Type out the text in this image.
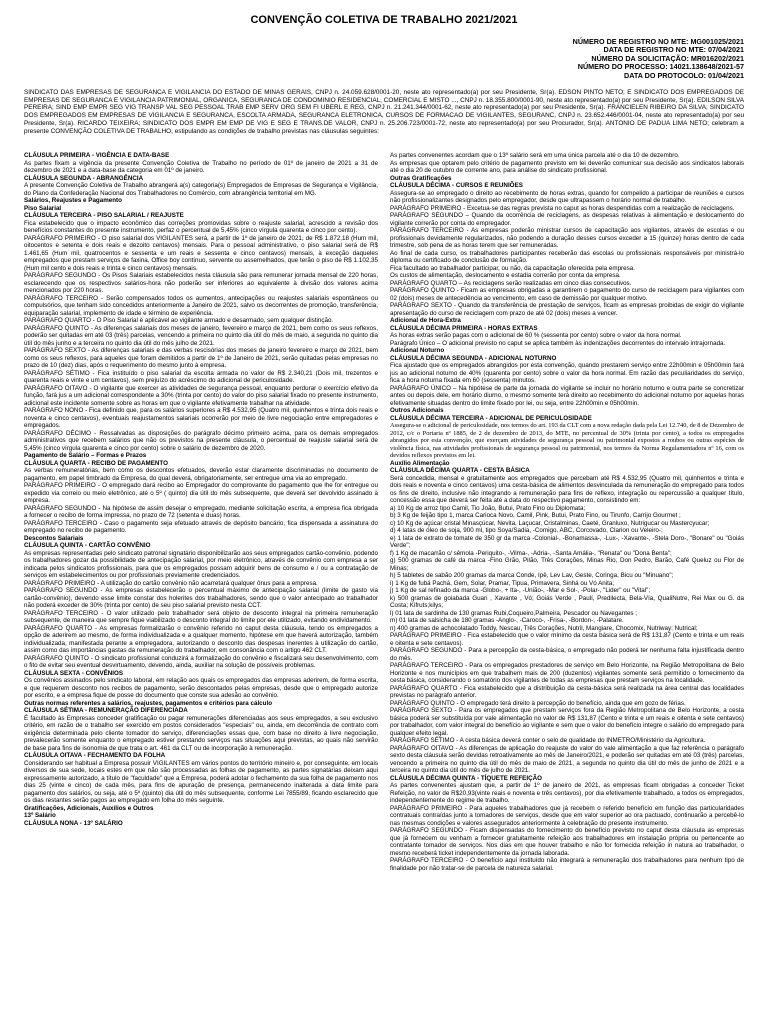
CONVENÇÃO COLETIVA DE TRABALHO 2021/2021
NÚMERO DE REGISTRO NO MTE: MG001025/2021
DATA DE REGISTRO NO MTE: 07/04/2021
NÚMERO DA SOLICITAÇÃO: MR016202/2021
NÚMERO DO PROCESSO: 14021.138648/2021-57
DATA DO PROTOCOLO: 01/04/2021
SINDICATO DAS EMPRESAS DE SEGURANCA E VIGILANCIA DO ESTADO DE MINAS GERAIS, CNPJ n. 24.059.628/0001-20, neste ato representado(a) por seu Presidente, Sr(a). EDSON PINTO NETO; E SINDICATO DOS EMPREGADOS DE EMPRESAS DE SEGURANCA E VIGILANCIA PATRIMONIAL, ORGANICA, SEGURANCA DE CONDOMINIO RESIDENCIAL, COMERCIAL E MISTO ..., CNPJ n. 18.355.800/0001-90, neste ato representado(a) por seu Presidente, Sr(a). EDILSON SILVA PEREIRA; SIND EMP EMPR SEG VIG TRANSP VAL SEG PESSOAL TRAB EMP SERV ORG SEM FI UBERL E REG, CNPJ n. 21.241.344/0001-62, neste ato representado(a) por seu Presidente, Sr(a). FRANCIELEN RIBEIRO DA SILVA; SINDICATO DOS EMPREGADOS EM EMPRESAS DE VIGILANCIA E SEGURANCA, ESCOLTA ARMADA, SEGURANCA ELETRONICA, CURSOS DE FORMACAO DE VIGILANTES, SEGURANC, CNPJ n. 23.652.446/0001-04, neste ato representado(a) por seu Presidente, Sr(a). RICARDO TEIXEIRA; SINDICATO DOS EMPR EM EMP DE VIG E SEG E TRANS.DE VALOR, CNPJ n. 25.206.723/0001-72, neste ato representado(a) por seu Procurador, Sr(a). ANTONIO DE PADUA LIMA NETO; celebram a presente CONVENÇÃO COLETIVA DE TRABALHO, estipulando as condições de trabalho previstas nas cláusulas seguintes:

CLÁUSULA PRIMEIRA - VIGÊNCIA E DATA-BASE

As partes fixam a vigência da presente Convenção Coletiva de Trabalho no período de 01º de janeiro de 2021 a 31 de dezembro de 2021 e a data-base da categoria em 01º de janeiro.

CLÁUSULA SEGUNDA - ABRANGÊNCIA

A presente Convenção Coletiva de Trabalho abrangerá a(s) categoria(s) Empregados de Empresas de Segurança e Vigilância, do Plano da Confederação Nacional dos Trabalhadores no Comércio, com abrangência territorial em MG.

Salários, Reajustes e Pagamento

Piso Salarial

CLÁUSULA TERCEIRA - PISO SALARIAL / REAJUSTE

Fica estabelecido que o impacto econômico das correções promovidas sobre o reajuste salarial, acrescido a revisão dos benefícios constantes do presente instrumento, perfaz o percentual de 5,45% (cinco vírgula quarenta e cinco por cento).

PARÁGRAFO PRIMEIRO - O piso salarial dos VIGILANTES será, a partir de 1º de janeiro de 2021, de R$ 1.872,18 (Hum mil, oitocentos e setenta e dois reais e dezoito centavos) mensais. Para o pessoal administrativo, o piso salarial será de R$ 1.461,65 (Hum mil, quatrocentos e sessenta e um reais e sessenta e cinco centavos) mensais, à exceção daqueles empregados que prestam serviços de faxina, Office boy contínuo, servente ou assemelhados, que terão o piso de R$ 1.102,35 (Hum mil cento e dois reais e trinta e cinco centavos) mensais.

PARÁGRAFO SEGUNDO - Os Pisos Salariais estabelecidos nesta cláusula são para remunerar jornada mensal de 220 horas, esclarecendo que os respectivos salários-hora não poderão ser inferiores ao equivalente à divisão dos valores acima mencionados por 220 horas.

PARÁGRAFO TERCEIRO - Serão compensados todos os aumentos, antecipações ou reajustes salariais espontâneos ou compulsórios, que tenham sido concedidos anteriormente a Janeiro de 2021, salvo os decorrentes de promoção, transferência, equiparação salarial, implemento de idade e término de experiência.

PARÁGRAFO QUARTO - O Piso Salarial é aplicável ao vigilante armado e desarmado, sem qualquer distinção.

PARÁGRAFO QUINTO - As diferenças salariais dos meses de janeiro, fevereiro e março de 2021, bem como os seus reflexos, poderão ser quitadas em até 03 (três) parcelas, vencendo a primeira no quinto dia útil do mês de maio, a segunda no quinto dia útil do mês junho e a terceira no quinto dia útil do mês julho de 2021.

PARÁGRAFO SEXTO - As diferenças salariais e das verbas rescisórias dos meses de janeiro fevereiro e março de 2021, bem como os seus reflexos, para aqueles que foram demitidos a partir de 1º de Janeiro de 2021, serão quitadas pelas empresas no prazo de 10 (dez) dias, após o requerimento do mesmo junto à empresa.

PARÁGRAFO SÉTIMO - Fica instituído o piso salarial da escolta armada no valor de R$ 2.340,21 (Dois mil, trezentos e quarenta reais e vinte e um centavos), sem prejuízo do acréscimo do adicional de periculosidade.

PARÁGRAFO OITAVO - O vigilante que exercer as atividades de segurança pessoal, enquanto perdurar o exercício efetivo da função, fará jus a um adicional correspondente a 30% (trinta por cento) do valor do piso salarial fixado no presente instrumento, adicional este incidente somente sobre as horas em que o vigilante efetivamente trabalhar na atividade.

PARÁGRAFO NONO - Fica definido que, para os salários superiores a R$ 4.532,95 (Quatro mil, quinhentos e trinta dois reais e noventa e cinco centavos), eventuais reajustamentos salariais ocorrerão por meio de livre negociação entre empregadores e empregados.

PARÁGRAFO DÉCIMO - Ressalvadas as disposições do parágrafo décimo primeiro acima, para os demais empregados administrativos que recebem salários que não os previstos na presente cláusula, o percentual de reajuste salarial será de 5,45% (cinco vírgula quarenta e cinco por cento) sobre o salário de dezembro de 2020.

Pagamento de Salário – Formas e Prazos

CLÁUSULA QUARTA - RECIBO DE PAGAMENTO

As verbas remuneratórias, bem como os descontos efetuados, deverão estar claramente discriminadas no documento de pagamento, em papel timbrado da Empresa, do qual deverá, obrigatoriamente, ser entregue uma via ao empregado.

PARÁGRAFO PRIMEIRO - O empregado dará recibo ao Empregador do comprovante do pagamento que lhe for entregue ou expedido via correio ou meio eletrônico, até o 5º ( quinto) dia útil do mês subsequente, que deverá ser devolvido assinado à empresa.

PARÁGRAFO SEGUNDO - Na hipótese de assim desejar o empregado, mediante solicitação escrita, a empresa fica obrigada a fornecer o recibo de forma impressa, no prazo de 72 (setenta e duas) horas.

PARÁGRAFO TERCEIRO - Caso o pagamento seja efetuado através de depósito bancário, fica dispensada a assinatura do empregado no recibo de pagamento.

Descontos Salariais

CLÁUSULA QUINTA - CARTÃO CONVÊNIO

As empresas representadas pelo sindicato patronal signatário disponibilizarão aos seus empregados cartão-convênio, podendo os trabalhadores gozar da possibilidade de antecipação salarial, por meio eletrônico, através de convênio com empresa a ser indicada pelos sindicatos profissionais, para que os empregados possam adquirir bens de consumo e / ou a contratação de serviços em estabelecimentos ou por profissionais previamente credenciados.

PARÁGRAFO PRIMEIRO - A utilização do cartão convênio não acarretará qualquer ônus para a empresa.

PARÁGRAFO SEGUNDO - As empresas estabelecerão o percentual máximo de antecipação salarial (limite de gasto via cartão-convênio), devendo esse limite constar dos holerites dos trabalhadores, sendo que o valor antecipado ao trabalhador não poderá exceder de 30% (trinta por cento) de seu piso salarial previsto nesta CCT.

PARÁGRAFO TERCEIRO - O valor utilizado pelo trabalhador será objeto de desconto integral na primeira remuneração subsequente, de maneira que sempre fique viabilizado o desconto integral do limite por ele utilizado, evitando endividamento.

PARÁGRAFO QUARTO - As empresas formalizarão o convênio referido no caput desta cláusula, tendo os empregados a opção de aderirem ao mesmo, de forma individualizada e a qualquer momento, hipótese em que haverá autorização, também individualizada, manifestada perante a empregadora, autorizando o desconto das despesas inerentes à utilização do cartão, assim como das importâncias gastas da remuneração do trabalhador, em consonância com o artigo 462 CLT.

PARÁGRAFO QUINTO - O sindicato profissional conduzirá a formalização do convênio e fiscalizará seu desenvolvimento, com o fito de evitar seu eventual desvirtuamento, devendo, ainda, auxiliar na solução de possíveis problemas.

CLÁUSULA SEXTA - CONVÊNIOS

Os convênios assinados pelo sindicato laboral, em relação aos quais os empregados das empresas aderirem, de forma escrita, e que requerem desconto nos recibos de pagamento, serão descontados pelas empresas, desde que o empregado autorize por escrito, e a empresa fique de posse do documento que conste sua adesão ao convênio.

Outras normas referentes a salários, reajustes, pagamentos e critérios para cálculo

CLÁUSULA SÉTIMA - REMUNERAÇÃO DIFERENCIADA

É facultado às Empresas conceder gratificação ou pagar remunerações diferenciadas aos seus empregados, a seu exclusivo critério, em razão de o trabalho ser exercido em postos considerados "especiais" ou, ainda, em decorrência de contrato com exigência determinada pelo cliente tomador do serviço, diferenciações essas que, com base no direito à livre negociação, prevalecerão somente enquanto o empregado estiver prestando serviços nas situações aqui previstas, ao quais não servirão de base para fins de isonomia de que trata o art. 461 da CLT ou de incorporação à remuneração.

CLÁUSULA OITAVA - FECHAMENTO DA FOLHA

Considerando ser habitual a Empresa possuir VIGILANTES em vários pontos do território mineiro e, por conseguinte, em locais diversos de sua sede, locais estes em que não são processadas as folhas de pagamento, as partes signatárias deixam aqui expressamente autorizado, a título de "faculdade" que a Empresa, poderá adotar o fechamento da sua folha de pagamento nos dias 25 (vinte e cinco) de cada mês, para fins de apuração de presença, permanecendo inalterada a data limite para pagamento dos salários, ou seja, até o 5º (quinto) dia útil do mês subsequente, conforme Lei 7855/89, ficando esclarecido que os dias restantes serão pagos ao empregado em folha do mês seguinte.

Gratificações, Adicionais, Auxílios e Outros

13º Salário

CLÁUSULA NONA - 13º SALÁRIO

As partes convenentes acordam que o 13º salário será em uma única parcela até o dia 10 de dezembro.

As empresas que optarem pelo critério de pagamento previsto em lei deverão comunicar sua decisão aos sindicatos laborais até o dia 20 de outubro de corrente ano, para análise do sindicato profissional.

Outras Gratificações

CLÁUSULA DÉCIMA - CURSOS E REUNIÕES

Assegura-se ao empregado o direito ao recebimento de horas extras, quando for compelido a participar de reuniões e cursos não profissionalizantes designados pelo empregador, desde que ultrapassem o horário normal de trabalho.

PARÁGRAFO PRIMEIRO - Excetua-se das regras prevista no caput as horas despendidas com a realização de reciclagens.

PARÁGRAFO SEGUNDO – Quando da ocorrência de reciclagens, as despesas relativas à alimentação e deslocamento do vigilante correrão por conta do empregador.

PARÁGRAFO TERCEIRO - As empresas poderão ministrar cursos de capacitação aos vigilantes, através de escolas e ou profissionais devidamente regularizados, não podendo a duração desses cursos exceder a 15 (quinze) horas dentro de cada trimestre, sob pena de as horas terem que ser remuneradas.

Ao final de cada curso, os trabalhadores participantes receberão das escolas ou profissionais responsáveis por ministrá-lo diploma ou certificado de conclusão de formação.

Fica facultado ao trabalhador participar, ou não, da capacitação oferecida pela empresa.

Os custos de alimentação, deslocamento e estadia correrão por conta da empresa.

PARÁGRAFO QUARTO – As reciclagens serão realizadas em cinco dias consecutivos.

PARÁGRAFO QUINTO - Ficam as empresas obrigadas a garantirem o pagamento do curso de reciclagem para vigilantes com 02 (dois) meses de antecedência ao vencimento, em caso de demissão por qualquer motivo.

PARÁGRAFO SEXTO - Quando da transferência de prestação de serviços, ficam as empresas proibidas de exigir do vigilante apresentação do curso de reciclagem com prazo de até 02 (dois) meses a vencer.

Adicional de Hora-Extra

CLÁUSULA DÉCIMA PRIMEIRA - HORAS EXTRAS

As horas extras serão pagas com o adicional de 60 % (sessenta por cento) sobre o valor da hora normal.

Parágrafo Único – O adicional previsto no caput se aplica também às indenizações decorrentes do intervalo intrajornada.

Adicional Noturno

CLÁUSULA DÉCIMA SEGUNDA - ADICIONAL NOTURNO

Fica ajustado que os empregados abrangidos por esta convenção, quando prestarem serviço entre 22h00min e 05h00min fará jus ao adicional noturno de 40% (quarenta por cento) sobre o valor da hora normal. Em razão das peculiaridades do serviço, fica a hora noturna fixada em 60 (sessenta) minutos.

PARÁGRAFO ÚNICO – Na hipótese de parte da jornada do vigilante se incluir no horário noturno e outra parte se concretizar antes ou depois dele, em horário diurno, o mesmo somente terá direito ao recebimento do adicional noturno por aquelas horas efetivamente situadas dentro do limite fixado por lei, ou seja, entre 22h00min e 05h00min.

Outros Adicionais

CLÁUSULA DÉCIMA TERCEIRA - ADICIONAL DE PERICULOSIDADE

Assegura-se o adicional de periculosidade, nos termos do art. 193 da CLT com a nova redação dada pela Lei 12.740, de 8 de Dezembro de 2012, c/c o Portaria nº 1885, de 2 de dezembro de 2013, do MTE, no percentual de 30% (trinta por cento), a todos os empregados abrangidos por esta convenção, que exerçam atividades de segurança pessoal ou patrimonial expostos a roubos ou outras espécies de violência física, nas atividades profissionais de segurança pessoal ou patrimonial, nos termos da Norma Regulamentadora nº 16, com os devidos reflexos previstos em lei.

Auxílio Alimentação

CLÁUSULA DÉCIMA QUARTA - CESTA BÁSICA

Será concedida, mensal e gratuitamente aos empregados que percebam até R$ 4.532,95 (Quatro mil, quinhentos e trinta e dois reais e noventa e cinco centavos) uma cesta-básica de alimentos desvinculada da remuneração do empregado para todos os fins de direito, inclusive não integrando a remuneração para fins de reflexo, integração ou repercussão a qualquer título, concessão essa que deverá ser feita até a data do respectivo pagamento, consistindo em:

a) 10 Kg de arroz tipo Camil, Tio João, Butui, Prato Fino ou Diplomata;

b) 3 Kg de feijão tipo 1, marca Carioca Novo, Camil, Pink, Butui, Prato Fino, ou Tirunfo, Carrijo Gourmet ;

c) 10 Kg de açúcar cristal Minasçúcar, Nevita, Laçucar, Cristalminas, Caeté, Granluxo, Nutrigucar ou Mastercyucar;

d) 4 latas de óleo de soja, 900 ml, tipo Soya/Sadia, -Comigo, ABC, Corcovado, Clarion ou Veleiro-;

e) 1 lata de extrato de tomate de 350 gr da marca -Colonial-, -Bonamassa-, -Lux-, -Xavante-, -Stela Doro-, "Bonare" ou "Goiás Verde";

f) 1 Kg de macarrão c/ sêmola -Periquito-, -Vilma-, -Adria-, -Santa Amália-, "Renata" ou "Dona Benta";

g) 500 gramas de café da marca -Fino Grão, Pilão, Três Corações, Minas Rio, Don Pedro, Barão, Café Queluz ou Flor de Minas;

h) 5 tabletes de sabão 200 gramas da marca Conde, Ipê, Lev Lav, Geste, Coringa, Bicu ou "Minuano";

i) 1 Kg de fubá Pachá, Gem, Solar, Pramar, Tipua, Primavera, Sinhá ou Vó Anita;

j) 1 Kg de sal refinado da marca -Globo-, + Ita-, -União-, -Mar e Sol-, -Polar-, "Lider" ou "Vital";

k) 500 gramas de goiabada Guari , Xavante , Vó; Goiás Verde , Paulí, Predilecta, Bela-Vía, QualiNutre, Rei Max ou G. da Costa; Kifruts;kilys;

l) 01 lata de sardinha de 130 gramas Rubi,Coqueiro,Palmeira, Pescador ou Navegantes ;

m) 01 lata de salsicha de 180 gramas -Anglo-, -Caroco-, -Frisa-, -Bordon-, -Palatare.

n) 400 gramas de achocolatado Toddy, Nescau, Três Corações, Nutril, Mangiare, Chocomix, Nutriway; Nutrical;

PARÁGRAFO PRIMEIRO - Fica estabelecido que o valor mínimo da cesta básica será de R$ 131,87 (Cento e trinta e um reais e oitenta e sete centavos).

PARÁGRAFO SEGUNDO - Para a percepção da cesta-básica, o empregado não poderá ter nenhuma falta injustificada dentro do mês.

PARÁGRAFO TERCEIRO - Para os empregados prestadores de serviço em Belo Horizonte, na Região Metropolitana de Belo Horizonte e nos municípios em que trabalhem mais de 200 (duzentos) vigilantes somente será permitido o fornecimento da cesta básica, considerando o somatório dos vigilantes de todas as empresas que prestam serviços na localidade.

PARÁGRAFO QUARTO - Fica estabelecido que a distribuição da cesta-básica será realizada na área central das localidades previstas no parágrafo anterior.

PARÁGRAFO QUINTO - O empregado terá direito à percepção do benefício, ainda que em gozo de férias.

PARÁGRAFO SEXTO - Para os empregados que prestam serviços fora da Região Metropolitana de Belo Horizonte, a cesta básica poderá ser substituída por vale alimentação no valor de R$ 131,87 (Cento e trinta e um reais e oitenta e sete centavos) por trabalhador, com valor integral do benefício ao vigilante e sem que o valor do benefício integre o salário do empregado para qualquer efeito legal.

PARÁGRAFO SÉTIMO - A cesta básica deverá conter o selo de qualidade do INMETRO/Ministério da Agricultura.

PARÁGRAFO OITAVO - As diferenças de aplicação do reajuste do valor do vale alimentação a que faz referência o parágrafo sexto desta cláusula serão devidas retroativamente ao mês de Janeiro/2021, e poderão ser quitadas em até 03 (três) parcelas, vencendo a primeira no quinto dia útil do mês de maio de 2021, a segunda no quinto dia útil do mês de junho de 2021 e a terceira no quinto dia útil do mês de julho de 2021.

CLÁUSULA DÉCIMA QUINTA - TÍQUETE REFEIÇÃO

As partes convenentes ajustam que, a partir de 1º de janeiro de 2021, as empresas ficam obrigadas a conceder Ticket Refeição, no valor de R$20,93(vinte reais e noventa e três centavos), por dia efetivamente trabalhado, a todos os empregados, independentemente do regime de trabalho.

PARÁGRAFO PRIMEIRO - Para aqueles trabalhadores que já recebem o referido benefício em função das particularidades contratuais contraídas junto a tomadores de serviços, desde que em valor superior ao ora pactuado, continuarão a percebê-lo nas mesmas condições e valores assegurados anteriormente à celebração do presente instrumento.

PARÁGRAFO SEGUNDO - Ficam dispensadas do fornecimento do benefício previsto no caput desta cláusula as empresas que já fornecem ou venham a fornecer gratuitamente refeição aos trabalhadores em instalação própria ou pertencente ao contratante tomador de serviços. Nos dias em que houver trabalho e não for fornecida refeição in natura ao trabalhador, o mesmo receberá ticket independentemente da jornada laborada.

PARÁGRAFO TERCEIRO - O benefício aqui instituído não integrará a remuneração dos trabalhadores para nenhum tipo de finalidade por não tratar-se de parcela de natureza salarial.
